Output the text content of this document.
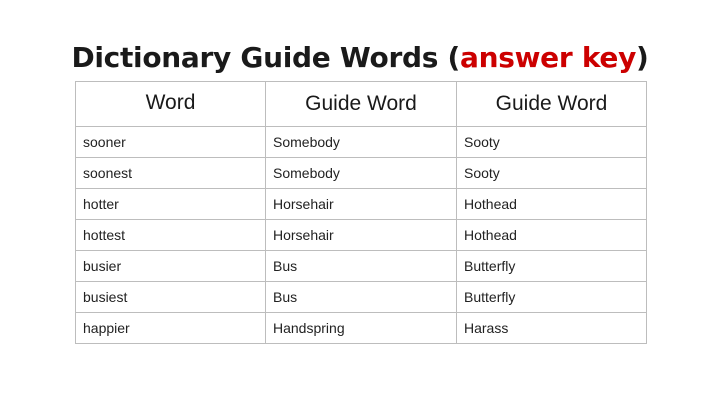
Dictionary Guide Words (answer key)
Word	Guide Word	Guide Word
sooner	Somebody	Sooty
soonest	Somebody	Sooty
hotter	Horsehair	Hothead
hottest	Horsehair	Hothead
busier	Bus	Butterfly
busiest	Bus	Butterfly
happier	Handspring	Harass
